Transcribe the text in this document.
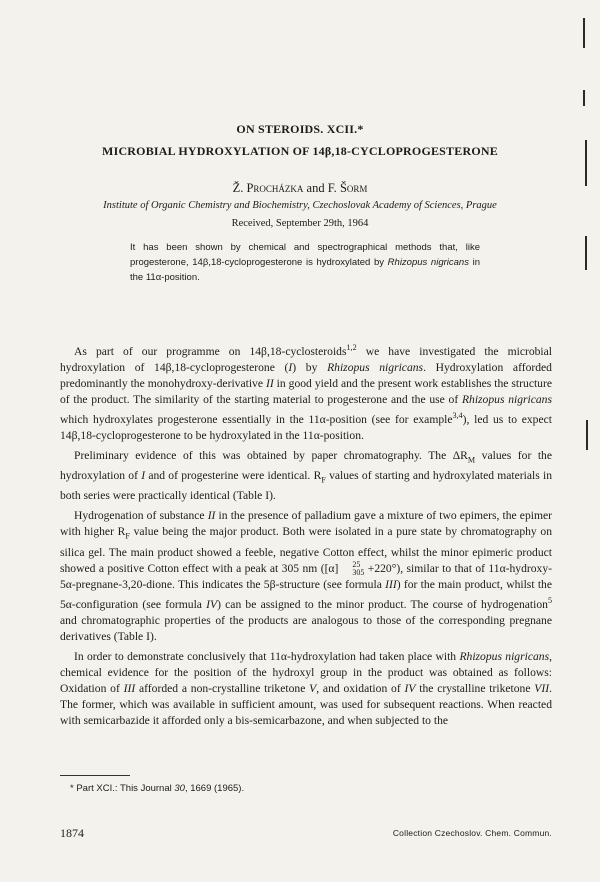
ON STEROIDS. XCII.*
MICROBIAL HYDROXYLATION OF 14β,18-CYCLOPROGESTERONE
Ž. Procházka and F. Šorm
Institute of Organic Chemistry and Biochemistry, Czechoslovak Academy of Sciences, Prague
Received, September 29th, 1964
It has been shown by chemical and spectrographical methods that, like progesterone, 14β,18-cycloprogesterone is hydroxylated by Rhizopus nigricans in the 11α-position.

As part of our programme on 14β,18-cyclosteroids$^{1,2}$ we have investigated the microbial hydroxylation of 14β,18-cycloprogesterone (I) by Rhizopus nigricans. Hydroxylation afforded predominantly the monohydroxy-derivative II in good yield and the present work establishes the structure of the product. The similarity of the starting material to progesterone and the use of Rhizopus nigricans which hydroxylates progesterone essentially in the 11α-position (see for example$^{3,4}$), led us to expect 14β,18-cycloprogesterone to be hydroxylated in the 11α-position.

Preliminary evidence of this was obtained by paper chromatography. The $\Delta R_M$ values for the hydroxylation of I and of progesterine were identical. $R_F$ values of starting and hydroxylated materials in both series were practically identical (Table I).

Hydrogenation of substance II in the presence of palladium gave a mixture of two epimers, the epimer with higher $R_F$ value being the major product. Both were isolated in a pure state by chromatography on silica gel. The main product showed a feeble, negative Cotton effect, whilst the minor epimeric product showed a positive Cotton effect with a peak at 305 nm ([α]	25
305 +220°), similar to that of 11α-hydroxy-5α-pregnane-3,20-dione. This indicates the 5β-structure (see formula III) for the main product, whilst the 5α-configuration (see formula IV) can be assigned to the minor product. The course of hydrogenation$^5$ and chromatographic properties of the products are analogous to those of the corresponding pregnane derivatives (Table I).

In order to demonstrate conclusively that 11α-hydroxylation had taken place with Rhizopus nigricans, chemical evidence for the position of the hydroxyl group in the product was obtained as follows: Oxidation of III afforded a non-crystalline triketone V, and oxidation of IV the crystalline triketone VII. The former, which was available in sufficient amount, was used for subsequent reactions. When reacted with semicarbazide it afforded only a bis-semicarbazone, and when subjected to the

* Part XCI.: This Journal 30, 1669 (1965).
1874	Collection Czechoslov. Chem. Commun.
